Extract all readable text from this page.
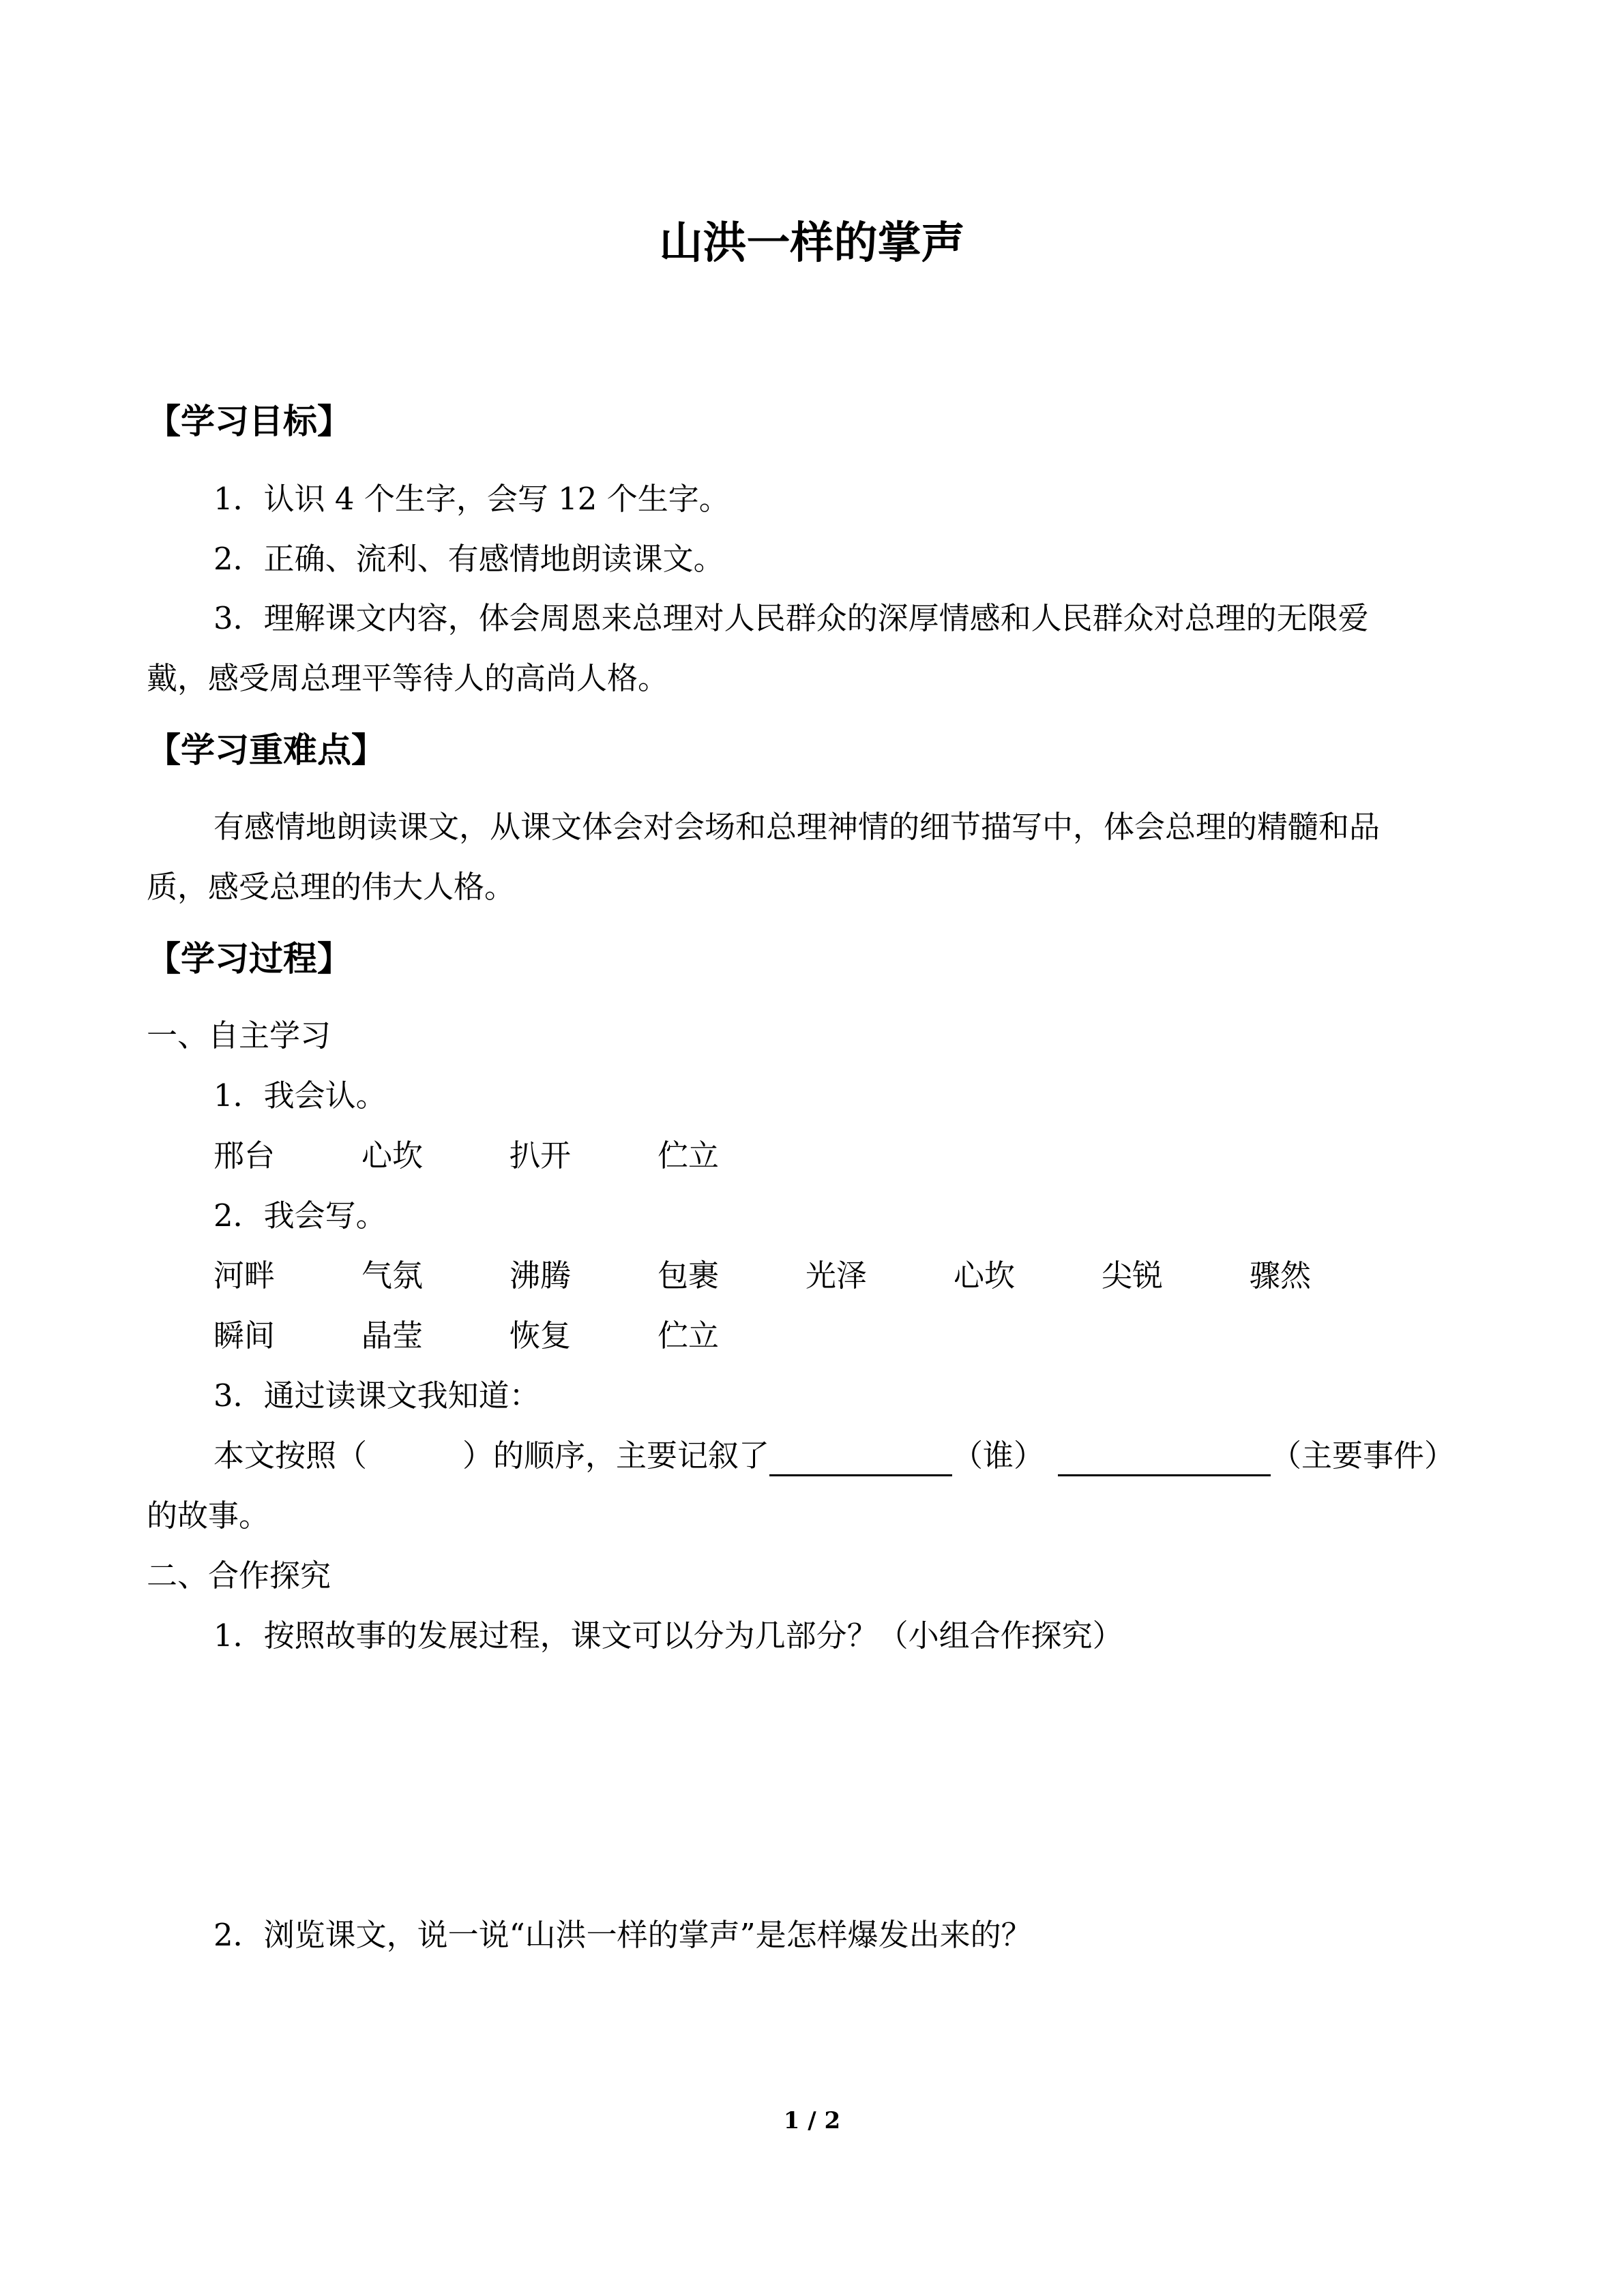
山洪一样的掌声
【学习目标】
1．认识 4 个生字，会写 12 个生字。
2．正确、流利、有感情地朗读课文。
3．理解课文内容，体会周恩来总理对人民群众的深厚情感和人民群众对总理的无限爱
戴，感受周总理平等待人的高尚人格。
【学习重难点】
有感情地朗读课文，从课文体会对会场和总理神情的细节描写中，体会总理的精髓和品
质，感受总理的伟大人格。
【学习过程】
一、自主学习
1．我会认。
邢台	心坎	扒开	伫立
2．我会写。
河畔	气氛	沸腾	包裹	光泽	心坎	尖锐	骤然
瞬间	晶莹	恢复	伫立
3．通过读课文我知道：
本文按照（	）的顺序，主要记叙了	（谁）	（主要事件）
的故事。
二、合作探究
1．按照故事的发展过程，课文可以分为几部分？（小组合作探究）
2．浏览课文，说一说“山洪一样的掌声”是怎样爆发出来的？
1 / 2
